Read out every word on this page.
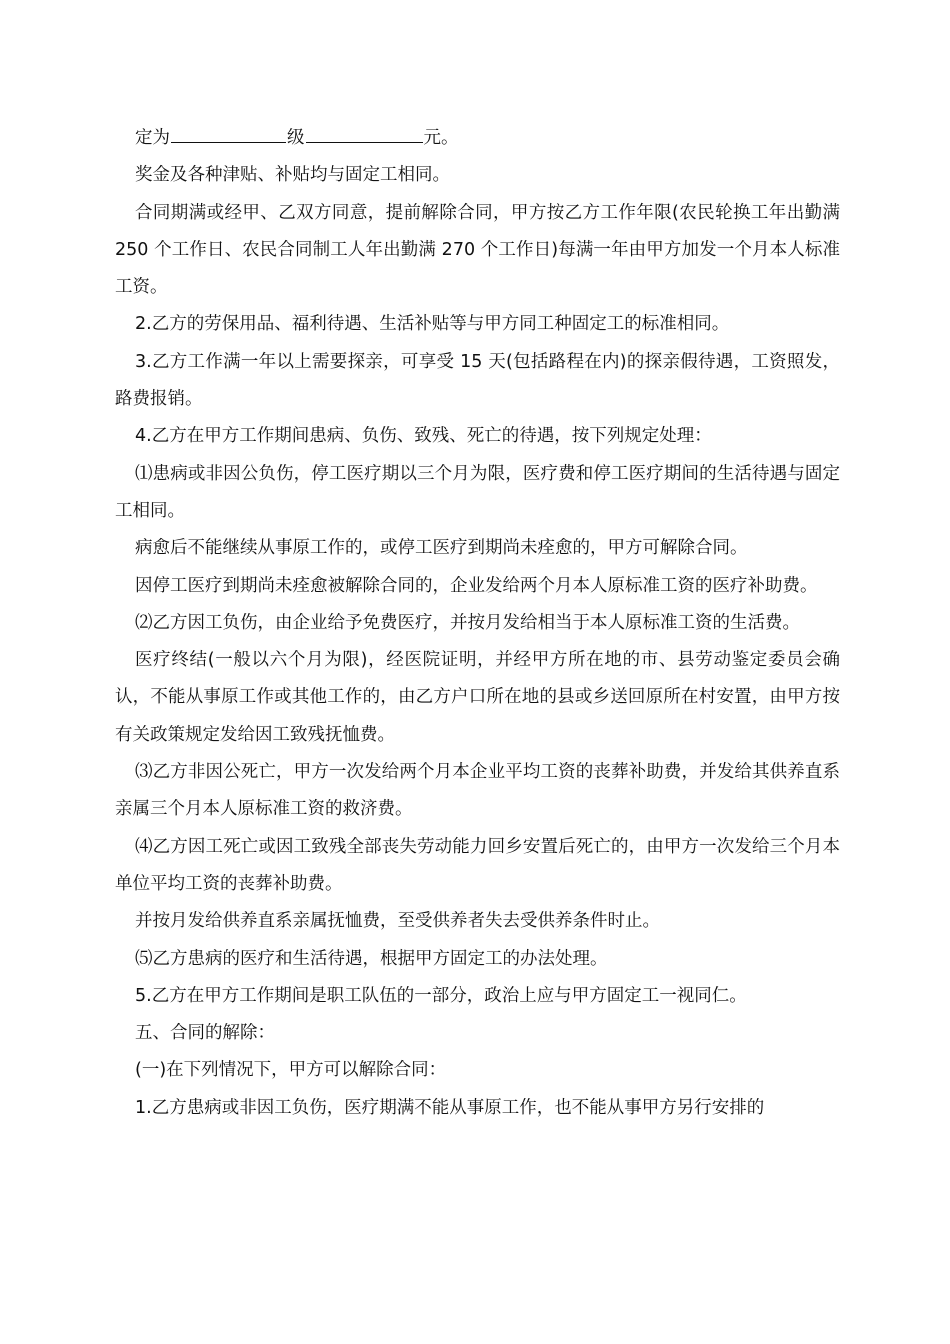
定为	级	元。

奖金及各种津贴、补贴均与固定工相同。

合同期满或经甲、乙双方同意，提前解除合同，甲方按乙方工作年限(农民轮换工年出勤满 250 个工作日、农民合同制工人年出勤满 270 个工作日)每满一年由甲方加发一个月本人标准工资。

2.乙方的劳保用品、福利待遇、生活补贴等与甲方同工种固定工的标准相同。

3.乙方工作满一年以上需要探亲，可享受 15 天(包括路程在内)的探亲假待遇，工资照发，路费报销。

4.乙方在甲方工作期间患病、负伤、致残、死亡的待遇，按下列规定处理：

⑴患病或非因公负伤，停工医疗期以三个月为限，医疗费和停工医疗期间的生活待遇与固定工相同。

病愈后不能继续从事原工作的，或停工医疗到期尚未痊愈的，甲方可解除合同。

因停工医疗到期尚未痊愈被解除合同的，企业发给两个月本人原标准工资的医疗补助费。

⑵乙方因工负伤，由企业给予免费医疗，并按月发给相当于本人原标准工资的生活费。

医疗终结(一般以六个月为限)，经医院证明，并经甲方所在地的市、县劳动鉴定委员会确认，不能从事原工作或其他工作的，由乙方户口所在地的县或乡送回原所在村安置，由甲方按有关政策规定发给因工致残抚恤费。

⑶乙方非因公死亡，甲方一次发给两个月本企业平均工资的丧葬补助费，并发给其供养直系亲属三个月本人原标准工资的救济费。

⑷乙方因工死亡或因工致残全部丧失劳动能力回乡安置后死亡的，由甲方一次发给三个月本单位平均工资的丧葬补助费。

并按月发给供养直系亲属抚恤费，至受供养者失去受供养条件时止。

⑸乙方患病的医疗和生活待遇，根据甲方固定工的办法处理。

5.乙方在甲方工作期间是职工队伍的一部分，政治上应与甲方固定工一视同仁。

五、合同的解除：

(一)在下列情况下，甲方可以解除合同：

1.乙方患病或非因工负伤，医疗期满不能从事原工作，也不能从事甲方另行安排的
